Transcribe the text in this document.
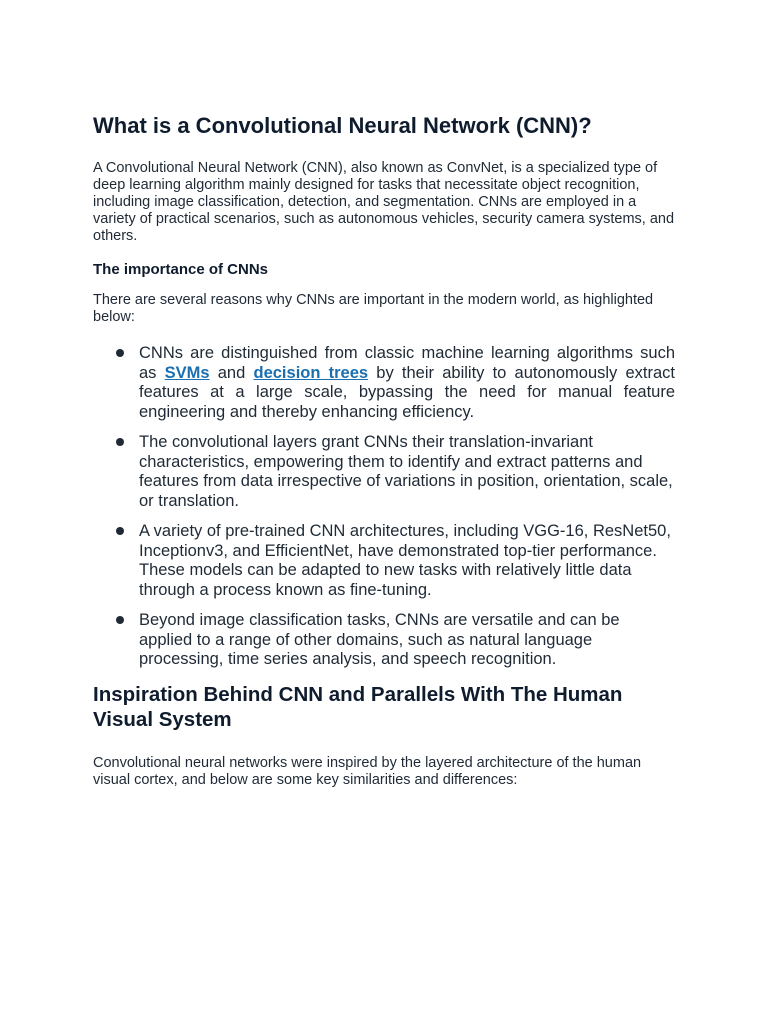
What is a Convolutional Neural Network (CNN)?

A Convolutional Neural Network (CNN), also known as ConvNet, is a specialized type of deep learning algorithm mainly designed for tasks that necessitate object recognition, including image classification, detection, and segmentation. CNNs are employed in a variety of practical scenarios, such as autonomous vehicles, security camera systems, and others.

The importance of CNNs

There are several reasons why CNNs are important in the modern world, as highlighted below:

CNNs are distinguished from classic machine learning algorithms such as SVMs and decision trees by their ability to autonomously extract features at a large scale, bypassing the need for manual feature engineering and thereby enhancing efficiency.
The convolutional layers grant CNNs their translation-invariant characteristics, empowering them to identify and extract patterns and features from data irrespective of variations in position, orientation, scale, or translation.
A variety of pre-trained CNN architectures, including VGG-16, ResNet50, Inceptionv3, and EfficientNet, have demonstrated top-tier performance. These models can be adapted to new tasks with relatively little data through a process known as fine-tuning.
Beyond image classification tasks, CNNs are versatile and can be applied to a range of other domains, such as natural language processing, time series analysis, and speech recognition.
Inspiration Behind CNN and Parallels With The Human Visual System

Convolutional neural networks were inspired by the layered architecture of the human visual cortex, and below are some key similarities and differences:
